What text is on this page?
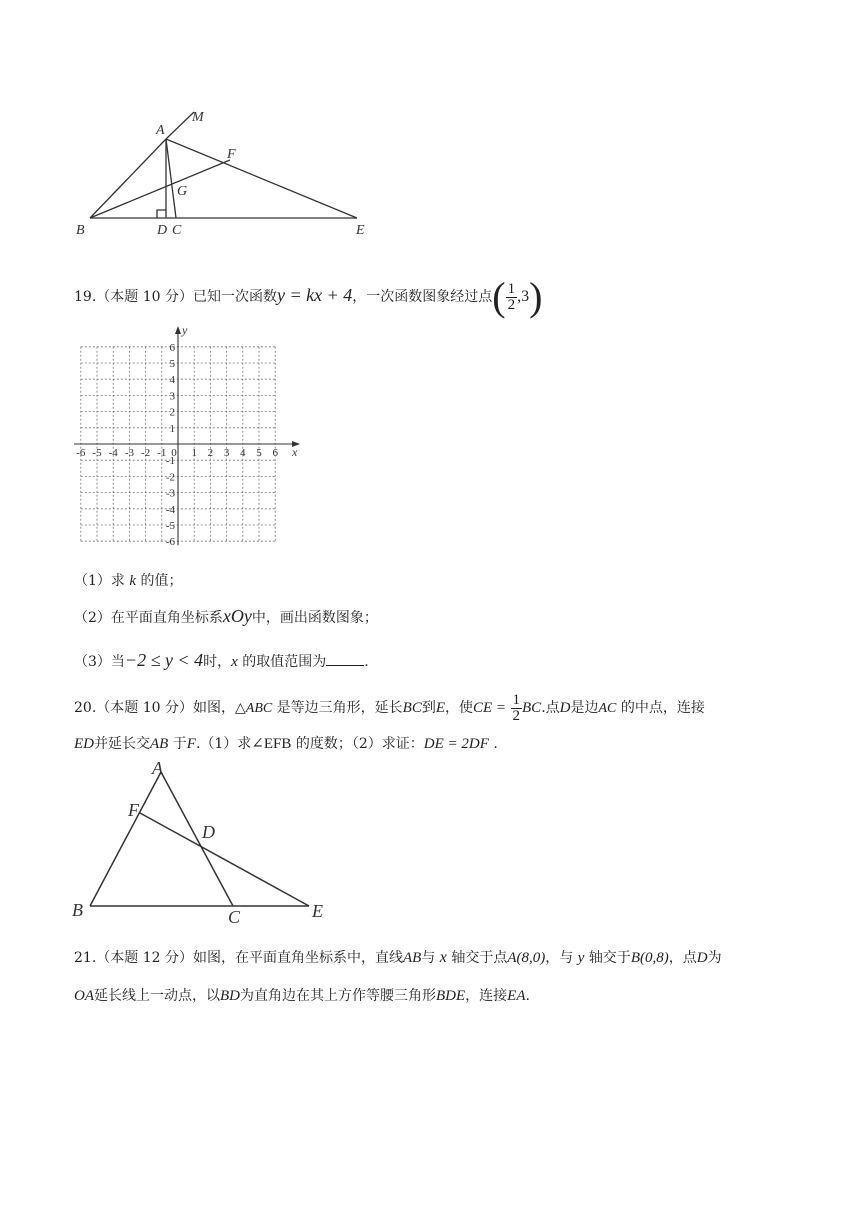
M
A
F
G
B	D C	E
19.（本题 10 分）已知一次函数y = kx + 4，一次函数图象经过点( $\frac{1}{2} ,3$)
x
y
0
-6 -5 -4 -3 -2 -1 1 2 3 4 5 6
1
2
3
4
5
6
-1
-2
-3
-4
-5
-6
（1）求 k 的值；
（2）在平面直角坐标系xOy中，画出函数图象；
（3）当−2 ≤ y < 4时，x 的取值范围为	.
20.（本题 10 分）如图，△ABC 是等边三角形，延长BC到E，使CE = $\frac{1}{2}$ BC.点D是边AC 的中点，连接
ED并延长交AB 于F.（1）求∠EFB 的度数；（2）求证：DE = 2DF .
A
F
D
B	C	E
21.（本题 12 分）如图，在平面直角坐标系中，直线AB与 x 轴交于点A(8,0)，与 y 轴交于B(0,8)，点D为
OA延长线上一动点，以BD为直角边在其上方作等腰三角形BDE，连接EA.
